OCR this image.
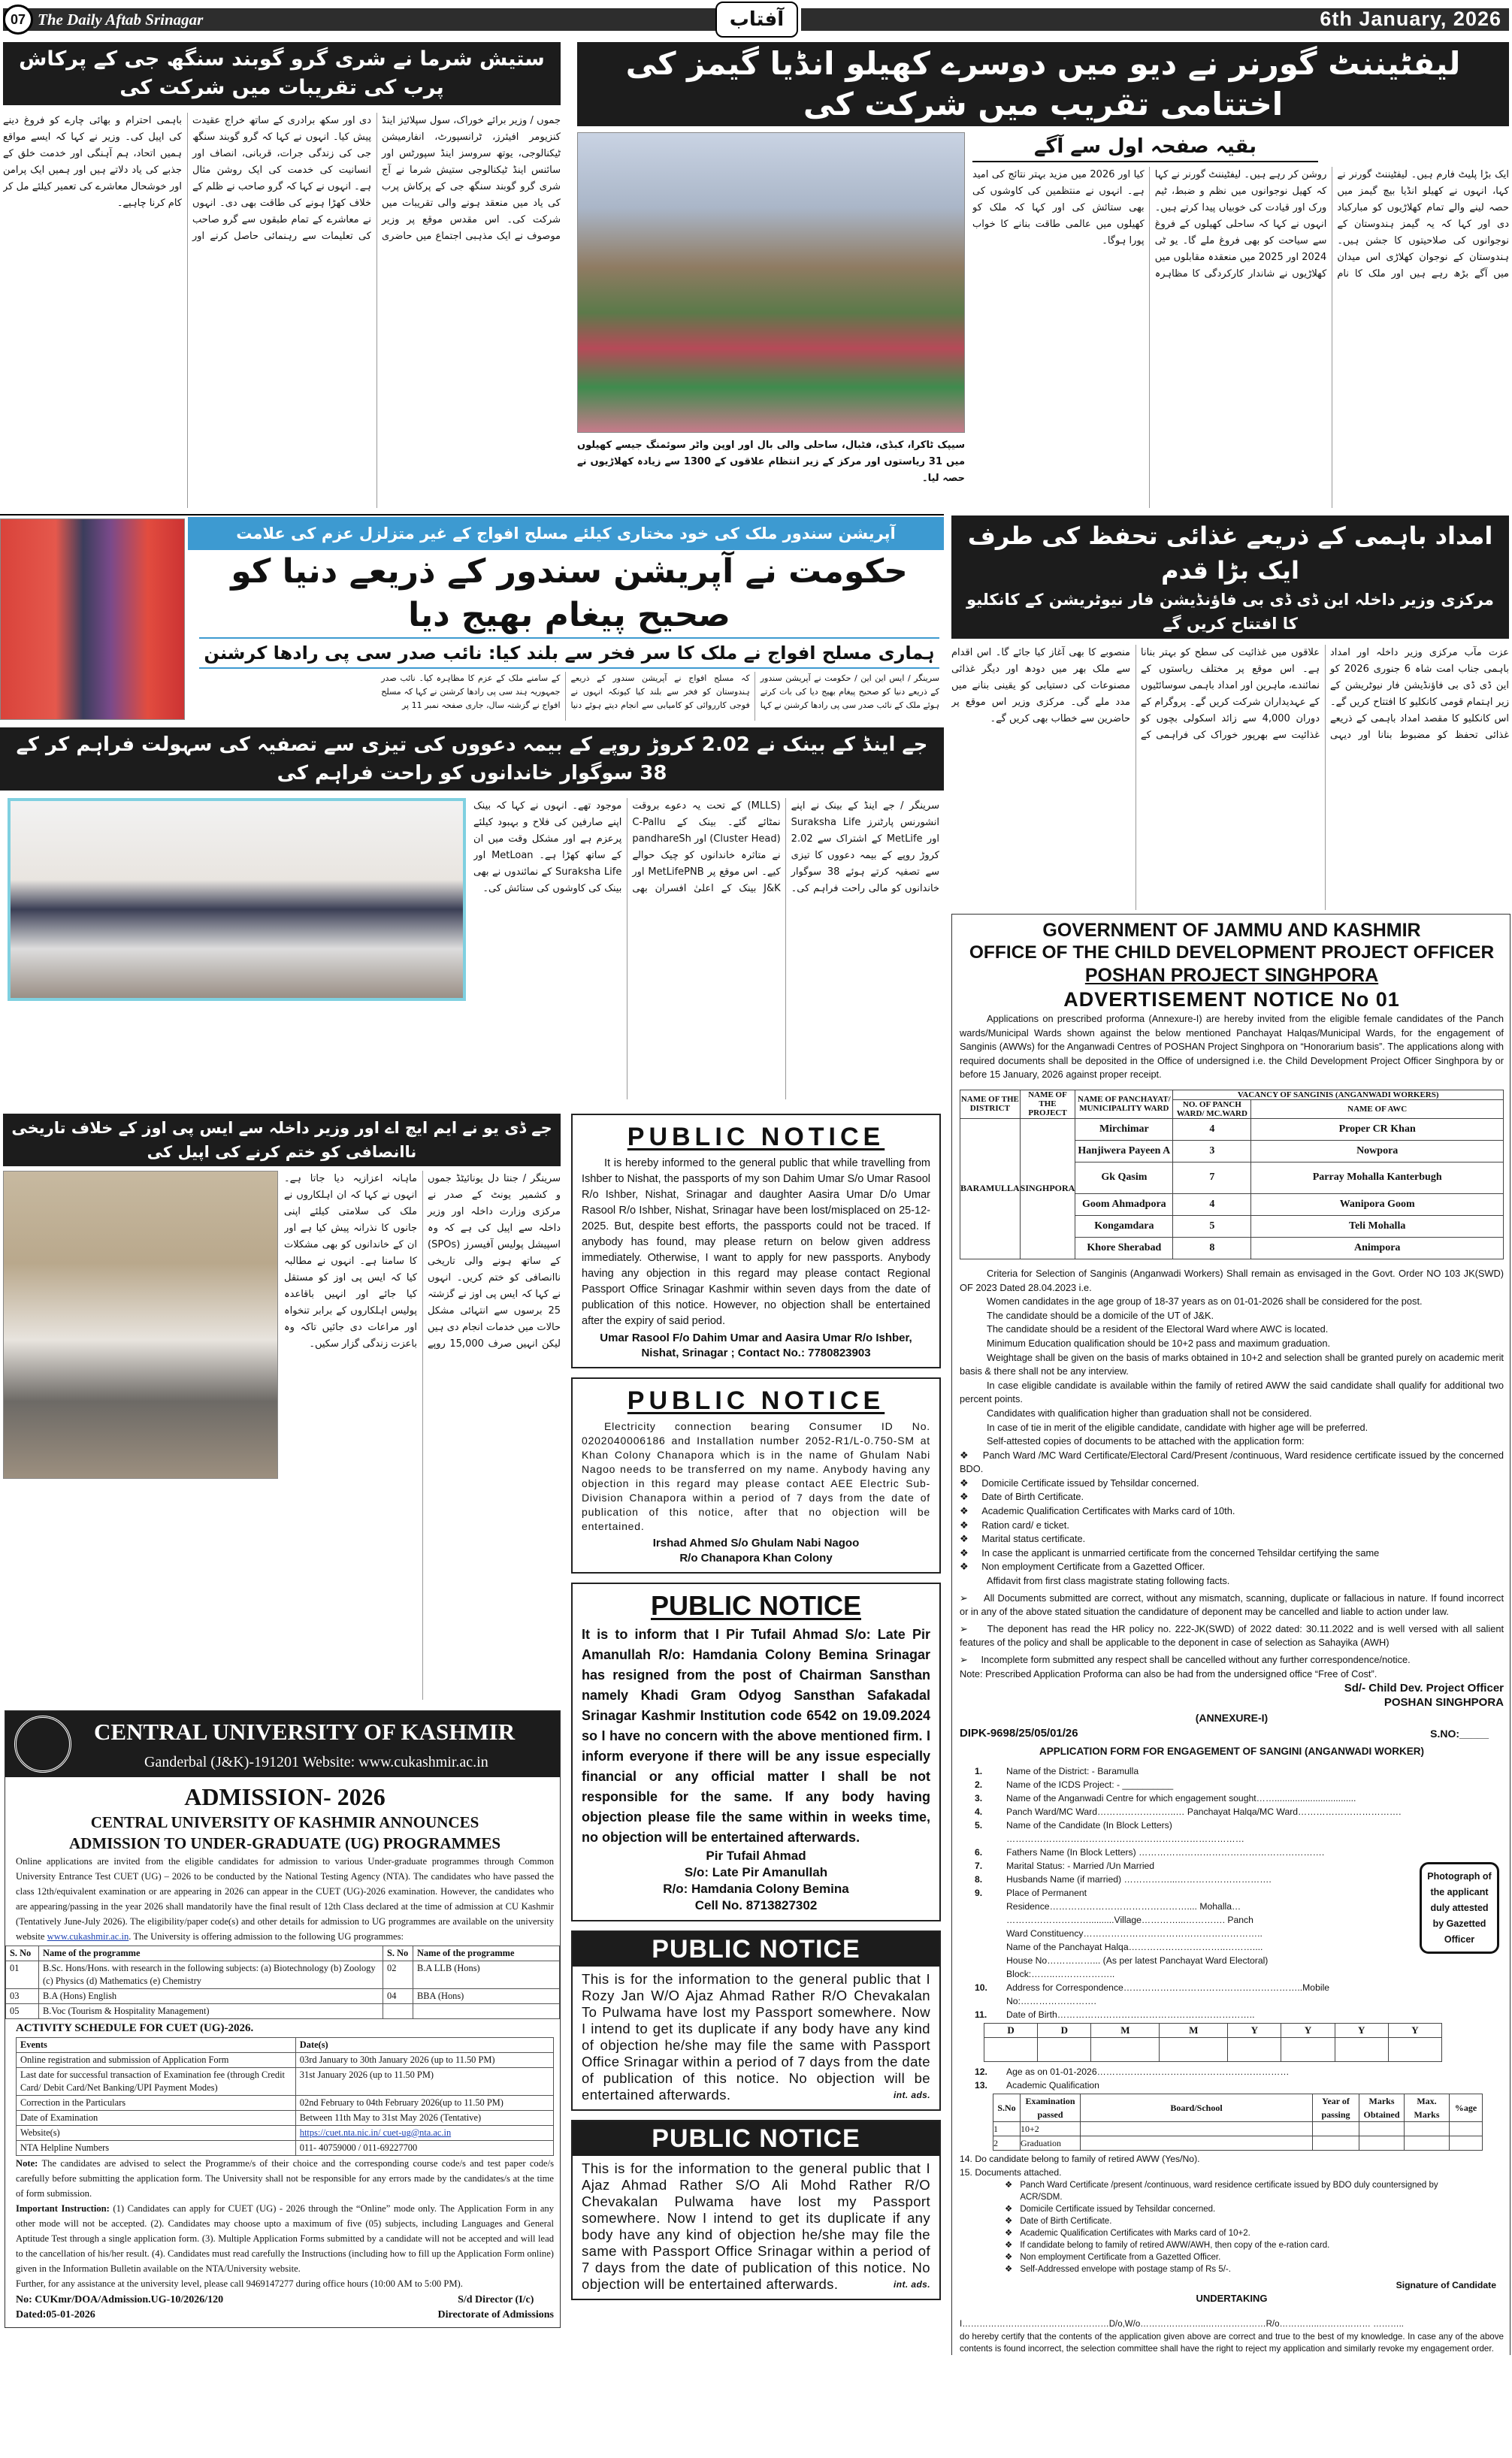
07 The Daily Aftab Srinagar	آفتاب	6th January, 2026
ستیش شرما نے شری گرو گوبند سنگھ جی کے پرکاش پرب کی تقریبات میں شرکت کی
جموں / وزیر برائے خوراک، سول سپلائیز اینڈ کنزیومر افیئرز، ٹرانسپورٹ، انفارمیشن ٹیکنالوجی، یوتھ سروسز اینڈ سپورٹس اور سائنس اینڈ ٹیکنالوجی ستیش شرما نے آج شری گرو گوبند سنگھ جی کے پرکاش پرب کی یاد میں منعقد ہونے والی تقریبات میں شرکت کی۔ اس مقدس موقع پر وزیر موصوف نے ایک مذہبی اجتماع میں حاضری دی اور سکھ برادری کے ساتھ خراج عقیدت پیش کیا۔ انہوں نے کہا کہ گرو گوبند سنگھ جی کی زندگی جرات، قربانی، انصاف اور انسانیت کی خدمت کی ایک روشن مثال ہے۔ انہوں نے کہا کہ گرو صاحب نے ظلم کے خلاف کھڑا ہونے کی طاقت بھی دی۔ انہوں نے معاشرے کے تمام طبقوں سے گرو صاحب کی تعلیمات سے رہنمائی حاصل کرنے اور باہمی احترام و بھائی چارے کو فروغ دینے کی اپیل کی۔ وزیر نے کہا کہ ایسے مواقع ہمیں اتحاد، ہم آہنگی اور خدمت خلق کے جذبے کی یاد دلاتے ہیں اور ہمیں ایک پرامن اور خوشحال معاشرے کی تعمیر کیلئے مل کر کام کرنا چاہیے۔
لیفٹیننٹ گورنر نے دیو میں دوسرے کھیلو انڈیا گیمز کی اختتامی تقریب میں شرکت کی
سیپک ٹاکرا، کبڈی، فٹبال، ساحلی والی بال اور اوپن واٹر سوئمنگ جیسے کھیلوں میں 31 ریاستوں اور مرکز کے زیر انتظام علاقوں کے 1300 سے زیادہ کھلاڑیوں نے حصہ لیا۔
بقیہ صفحہ اول سے آگے
ایک بڑا پلیٹ فارم ہیں۔ لیفٹیننٹ گورنر نے کہا، انہوں نے کھیلو انڈیا بیچ گیمز میں حصہ لینے والے تمام کھلاڑیوں کو مبارکباد دی اور کہا کہ یہ گیمز ہندوستان کے نوجوانوں کی صلاحیتوں کا جشن ہیں۔ ہندوستان کے نوجوان کھلاڑی اس میدان میں آگے بڑھ رہے ہیں اور ملک کا نام روشن کر رہے ہیں۔ لیفٹیننٹ گورنر نے کہا کہ کھیل نوجوانوں میں نظم و ضبط، ٹیم ورک اور قیادت کی خوبیاں پیدا کرتے ہیں۔ انہوں نے کہا کہ ساحلی کھیلوں کے فروغ سے سیاحت کو بھی فروغ ملے گا۔ یو ٹی 2024 اور 2025 میں منعقدہ مقابلوں میں کھلاڑیوں نے شاندار کارکردگی کا مظاہرہ کیا اور 2026 میں مزید بہتر نتائج کی امید ہے۔ انہوں نے منتظمین کی کاوشوں کی بھی ستائش کی اور کہا کہ ملک کو کھیلوں میں عالمی طاقت بنانے کا خواب پورا ہوگا۔
آپریشن سندور ملک کی خود مختاری کیلئے مسلح افواج کے غیر متزلزل عزم کی علامت
حکومت نے آپریشن سندور کے ذریعے دنیا کو صحیح پیغام بھیج دیا
ہماری مسلح افواج نے ملک کا سر فخر سے بلند کیا: نائب صدر سی پی رادھا کرشنن
سرینگر / ایس این این / حکومت نے آپریشن سندور کے ذریعے دنیا کو صحیح پیغام بھیج دیا کی بات کرتے ہوئے ملک کے نائب صدر سی پی رادھا کرشنن نے کہا کہ مسلح افواج نے آپریشن سندور کے ذریعے ہندوستان کو فخر سے بلند کیا کیونکہ انہوں نے فوجی کارروائی کو کامیابی سے انجام دیتے ہوئے دنیا کے سامنے ملک کے عزم کا مظاہرہ کیا۔ نائب صدر جمہوریہ ہند سی پی رادھا کرشنن نے کہا کہ مسلح افواج نے گزشتہ سال، جاری صفحہ نمبر 11 پر
امداد باہمی کے ذریعے غذائی تحفظ کی طرف ایک بڑا قدم
مرکزی وزیر داخلہ این ڈی ڈی بی فاؤنڈیشن فار نیوٹریشن کے کانکلیو کا افتتاح کریں گے
عزت مآب مرکزی وزیر داخلہ اور امداد باہمی جناب امت شاہ 6 جنوری 2026 کو این ڈی ڈی بی فاؤنڈیشن فار نیوٹریشن کے زیر اہتمام قومی کانکلیو کا افتتاح کریں گے۔ اس کانکلیو کا مقصد امداد باہمی کے ذریعے غذائی تحفظ کو مضبوط بنانا اور دیہی علاقوں میں غذائیت کی سطح کو بہتر بنانا ہے۔ اس موقع پر مختلف ریاستوں کے نمائندے، ماہرین اور امداد باہمی سوسائٹیوں کے عہدیداران شرکت کریں گے۔ پروگرام کے دوران 4,000 سے زائد اسکولی بچوں کو غذائیت سے بھرپور خوراک کی فراہمی کے منصوبے کا بھی آغاز کیا جائے گا۔ اس اقدام سے ملک بھر میں دودھ اور دیگر غذائی مصنوعات کی دستیابی کو یقینی بنانے میں مدد ملے گی۔ مرکزی وزیر اس موقع پر حاضرین سے خطاب بھی کریں گے۔
جے اینڈ کے بینک نے 2.02 کروڑ روپے کے بیمہ دعووں کی تیزی سے تصفیہ کی سہولت فراہم کر کے 38 سوگوار خاندانوں کو راحت فراہم کی
سرینگر / جے اینڈ کے بینک نے اپنے انشورنس پارٹنرز Suraksha Life اور MetLife کے اشتراک سے 2.02 کروڑ روپے کے بیمہ دعووں کا تیزی سے تصفیہ کرتے ہوئے 38 سوگوار خاندانوں کو مالی راحت فراہم کی۔ (MLLS) کے تحت یہ دعوے بروقت نمٹائے گئے۔ بینک کے C-Pallu (Cluster Head) اور pandhareSh نے متاثرہ خاندانوں کو چیک حوالے کیے۔ اس موقع پر MetLifePNB اور J&K بینک کے اعلیٰ افسران بھی موجود تھے۔ انہوں نے کہا کہ بینک اپنے صارفین کی فلاح و بہبود کیلئے پرعزم ہے اور مشکل وقت میں ان کے ساتھ کھڑا ہے۔ MetLoan اور Suraksha Life کے نمائندوں نے بھی بینک کی کاوشوں کی ستائش کی۔
جے ڈی یو نے ایم ایچ اے اور وزیر داخلہ سے ایس پی اوز کے خلاف تاریخی ناانصافی کو ختم کرنے کی اپیل کی
سرینگر / جنتا دل یونائیٹڈ جموں و کشمیر یونٹ کے صدر نے مرکزی وزارت داخلہ اور وزیر داخلہ سے اپیل کی ہے کہ وہ اسپیشل پولیس آفیسرز (SPOs) کے ساتھ ہونے والی تاریخی ناانصافی کو ختم کریں۔ انہوں نے کہا کہ ایس پی اوز نے گزشتہ 25 برسوں سے انتہائی مشکل حالات میں خدمات انجام دی ہیں لیکن انہیں صرف 15,000 روپے ماہانہ اعزازیہ دیا جاتا ہے۔ انہوں نے کہا کہ ان اہلکاروں نے ملک کی سلامتی کیلئے اپنی جانوں کا نذرانہ پیش کیا ہے اور ان کے خاندانوں کو بھی مشکلات کا سامنا ہے۔ انہوں نے مطالبہ کیا کہ ایس پی اوز کو مستقل کیا جائے اور انہیں باقاعدہ پولیس اہلکاروں کے برابر تنخواہ اور مراعات دی جائیں تاکہ وہ باعزت زندگی گزار سکیں۔
PUBLIC NOTICE
It is hereby informed to the general public that while travelling from Ishber to Nishat, the passports of my son Dahim Umar S/o Umar Rasool R/o Ishber, Nishat, Srinagar and daughter Aasira Umar D/o Umar Rasool R/o Ishber, Nishat, Srinagar have been lost/misplaced on 25-12-2025. But, despite best efforts, the passports could not be traced. If anybody has found, may please return on below given address immediately. Otherwise, I want to apply for new passports. Anybody having any objection in this regard may please contact Regional Passport Office Srinagar Kashmir within seven days from the date of publication of this notice. However, no objection shall be entertained after the expiry of said period.
Umar Rasool F/o Dahim Umar and Aasira Umar R/o Ishber,
Nishat, Srinagar ; Contact No.: 7780823903
PUBLIC NOTICE
Electricity connection bearing Consumer ID No. 0202040006186 and Installation number 2052-R1/L-0.750-SM at Khan Colony Chanapora which is in the name of Ghulam Nabi Nagoo needs to be transferred on my name. Anybody having any objection in this regard may please contact AEE Electric Sub-Division Chanapora within a period of 7 days from the date of publication of this notice, after that no objection will be entertained.
Irshad Ahmed S/o Ghulam Nabi Nagoo
R/o Chanapora Khan Colony
PUBLIC NOTICE
It is to inform that I Pir Tufail Ahmad S/o: Late Pir Amanullah R/o: Hamdania Colony Bemina Srinagar has resigned from the post of Chairman Sansthan namely Khadi Gram Odyog Sansthan Safakadal Srinagar Kashmir Institution code 6542 on 19.09.2024 so I have no concern with the above mentioned firm. I inform everyone if there will be any issue especially financial or any official matter I shall be not responsible for the same. If any body having objection please file the same within in weeks time, no objection will be entertained afterwards.
Pir Tufail Ahmad
S/o: Late Pir Amanullah
R/o: Hamdania Colony Bemina
Cell No. 8713827302
PUBLIC NOTICE
This is for the information to the general public that I Rozy Jan W/O Ajaz Ahmad Rather R/O Chevakalan To Pulwama have lost my Passport somewhere. Now I intend to get its duplicate if any body have any kind of objection he/she may file the same with Passport Office Srinagar within a period of 7 days from the date of publication of this notice. No objection will be entertained afterwards.	int. ads.
PUBLIC NOTICE
This is for the information to the general public that I Ajaz Ahmad Rather S/O Ali Mohd Rather R/O Chevakalan Pulwama have lost my Passport somewhere. Now I intend to get its duplicate if any body have any kind of objection he/she may file the same with Passport Office Srinagar within a period of 7 days from the date of publication of this notice. No objection will be entertained afterwards.	int. ads.
CENTRAL UNIVERSITY OF KASHMIR
Ganderbal (J&K)-191201 Website: www.cukashmir.ac.in
ADMISSION- 2026
CENTRAL UNIVERSITY OF KASHMIR ANNOUNCES ADMISSION TO UNDER-GRADUATE (UG) PROGRAMMES

Online applications are invited from the eligible candidates for admission to various Under-graduate programmes through Common University Entrance Test CUET (UG) – 2026 to be conducted by the National Testing Agency (NTA). The candidates who have passed the class 12th/equivalent examination or are appearing in 2026 can appear in the CUET (UG)-2026 examination. However, the candidates who are appearing/passing in the year 2026 shall mandatorily have the final result of 12th Class declared at the time of admission at CU Kashmir (Tentatively June-July 2026). The eligibility/paper code(s) and other details for admission to UG programmes are available on the university website www.cukashmir.ac.in. The University is offering admission to the following UG programmes:

S. No	Name of the programme	S. No	Name of the programme
01	B.Sc. Hons/Hons. with research in the following subjects: (a) Biotechnology (b) Zoology (c) Physics (d) Mathematics (e) Chemistry	02	B.A LLB (Hons)
03	B.A (Hons) English	04	BBA (Hons)
05	B.Voc (Tourism & Hospitality Management)		
ACTIVITY SCHEDULE FOR CUET (UG)-2026.
Events	Date(s)
Online registration and submission of Application Form	03rd January to 30th January 2026 (up to 11.50 PM)
Last date for successful transaction of Examination fee (through Credit Card/ Debit Card/Net Banking/UPI Payment Modes)	31st January 2026 (up to 11.50 PM)
Correction in the Particulars	02nd February to 04th February 2026(up to 11.50 PM)
Date of Examination	Between 11th May to 31st May 2026 (Tentative)
Website(s)	https://cuet.nta.nic.in/ cuet-ug@nta.ac.in
NTA Helpline Numbers	011- 40759000 / 011-69227700

Note: The candidates are advised to select the Programme/s of their choice and the corresponding course code/s and test paper code/s carefully before submitting the application form. The University shall not be responsible for any errors made by the candidates/s at the time of form submission.

Important Instruction: (1) Candidates can apply for CUET (UG) - 2026 through the “Online” mode only. The Application Form in any other mode will not be accepted. (2). Candidates may choose upto a maximum of five (05) subjects, including Languages and General Aptitude Test through a single application form. (3). Multiple Application Forms submitted by a candidate will not be accepted and will lead to the cancellation of his/her result. (4). Candidates must read carefully the Instructions (including how to fill up the Application Form online) given in the Information Bulletin available on the NTA/University website.

Further, for any assistance at the university level, please call 9469147277 during office hours (10:00 AM to 5:00 PM).

No: CUKmr/DOA/Admission.UG-10/2026/120
Dated:05-01-2026
S/d Director (I/c)
Directorate of Admissions
GOVERNMENT OF JAMMU AND KASHMIR
OFFICE OF THE CHILD DEVELOPMENT PROJECT OFFICER
POSHAN PROJECT SINGHPORA
ADVERTISEMENT NOTICE No 01

Applications on prescribed proforma (Annexure-I) are hereby invited from the eligible female candidates of the Panch wards/Municipal Wards shown against the below mentioned Panchayat Halqas/Municipal Wards, for the engagement of Sanginis (AWWs) for the Anganwadi Centres of POSHAN Project Singhpora on “Honorarium basis”. The applications along with required documents shall be deposited in the Office of undersigned i.e. the Child Development Project Officer Singhpora by or before 15 January, 2026 against proper receipt.

NAME OF THE DISTRICT	NAME OF THE PROJECT	NAME OF PANCHAYAT/ MUNICIPALITY WARD	VACANCY OF SANGINIS (ANGANWADI WORKERS)	
			NO. OF PANCH WARD/ MC.WARD	NAME OF AWC
BARAMULLA	SINGHPORA	Mirchimar	4	Proper CR Khan
		Hanjiwera Payeen A	3	Nowpora
		Gk Qasim	7	Parray Mohalla Kanterbugh
		Goom Ahmadpora	4	Wanipora Goom
		Kongamdara	5	Teli Mohalla
		Khore Sherabad	8	Animpora

Criteria for Selection of Sanginis (Anganwadi Workers) Shall remain as envisaged in the Govt. Order NO 103 JK(SWD) OF 2023 Dated 28.04.2023 i.e.

Women candidates in the age group of 18-37 years as on 01-01-2026 shall be considered for the post.

The candidate should be a domicile of the UT of J&K.

The candidate should be a resident of the Electoral Ward where AWC is located.

Minimum Education qualification should be 10+2 pass and maximum graduation.

Weightage shall be given on the basis of marks obtained in 10+2 and selection shall be granted purely on academic merit basis & there shall not be any interview.

In case eligible candidate is available within the family of retired AWW the said candidate shall qualify for additional two percent points.

Candidates with qualification higher than graduation shall not be considered.

In case of tie in merit of the eligible candidate, candidate with higher age will be preferred.

Self-attested copies of documents to be attached with the application form:

❖     Panch Ward /MC Ward Certificate/Electoral Card/Present /continuous, Ward residence certificate issued by the concerned BDO.

❖     Domicile Certificate issued by Tehsildar concerned.

❖     Date of Birth Certificate.

❖     Academic Qualification Certificates with Marks card of 10th.

❖     Ration card/ e ticket.

❖     Marital status certificate.

❖     In case the applicant is unmarried certificate from the concerned Tehsildar certifying the same

❖     Non employment Certificate from a Gazetted Officer.

Affidavit from first class magistrate stating following facts.

➢     All Documents submitted are correct, without any mismatch, scanning, duplicate or fallacious in nature. If found incorrect or in any of the above stated situation the candidature of deponent may be cancelled and liable to action under law.

➢     The deponent has read the HR policy no. 222-JK(SWD) of 2022 dated: 30.11.2022 and is well versed with all salient features of the policy and shall be applicable to the deponent in case of selection as Sahayika (AWH)

➢     Incomplete form submitted any respect shall be cancelled without any further correspondence/notice.

Note: Prescribed Application Proforma can also be had from the undersigned office “Free of Cost”.

Sd/- Child Dev. Project Officer
POSHAN SINGHPORA
(ANNEXURE-I)
DIPK-9698/25/05/01/26	S.NO:_____
APPLICATION FORM FOR ENGAGEMENT OF SANGINI (ANGANWADI WORKER)
Photograph of the applicant duly attested by Gazetted Officer
1.	Name of the District: - Baramulla
2.	Name of the ICDS Project: - __________
3.	Name of the Anganwadi Centre for which engagement sought……................................
4.	Panch Ward/MC Ward……………………..… Panchayat Halqa/MC Ward…………………………….
5.	Name of the Candidate (In Block Letters) ……………………………………………………………………
6.	Fathers Name (In Block Letters) …………………………………………………….
7.	Marital Status: - Married /Un Married
8.	Husbands Name (if married) ……………...………………………….
9.	Place of Permanent Residence……………………………………….... Mohalla… ………………………..........Village…………...…………. Panch Ward Constituency………………………………………………….. Name of the Panchayat Halqa…………………………..……….... House No……………... (As per latest Panchayat Ward Electoral) Block:……..………………..
10. Address for Correspondence…………………………………………………..Mobile No:…………………….
11. Date of Birth………………………………………………………..
D	D	M	M	Y	Y	Y	Y

12. Age as on 01-01-2026………………………………………………………
13. Academic Qualification
S.No	Examination passed	Board/School	Year of passing	Marks Obtained	Max. Marks	%age
1	10+2					
2	Graduation					
14. Do candidate belong to family of retired AWW (Yes/No).
15. Documents attached.
❖ Panch Ward Certificate /present /continuous, ward residence certificate issued by BDO duly countersigned by ACR/SDM.
❖ Domicile Certificate issued by Tehsildar concerned.
❖ Date of Birth Certificate.
❖ Academic Qualification Certificates with Marks card of 10+2.
❖ If candidate belong to family of retired AWW/AWH, then copy of the e-ration card.
❖ Non employment Certificate from a Gazetted Officer.
❖ Self-Addressed envelope with postage stamp of Rs 5/-.
Signature of Candidate
UNDERTAKING
I……………………………………………D/o,W/o…………………..…………………R/o…………..……………… ………..

do hereby certify that the contents of the application given above are correct and true to the best of my knowledge. In case any of the above contents is found incorrect, the selection committee shall have the right to reject my application and similarly revoke my engagement order.
